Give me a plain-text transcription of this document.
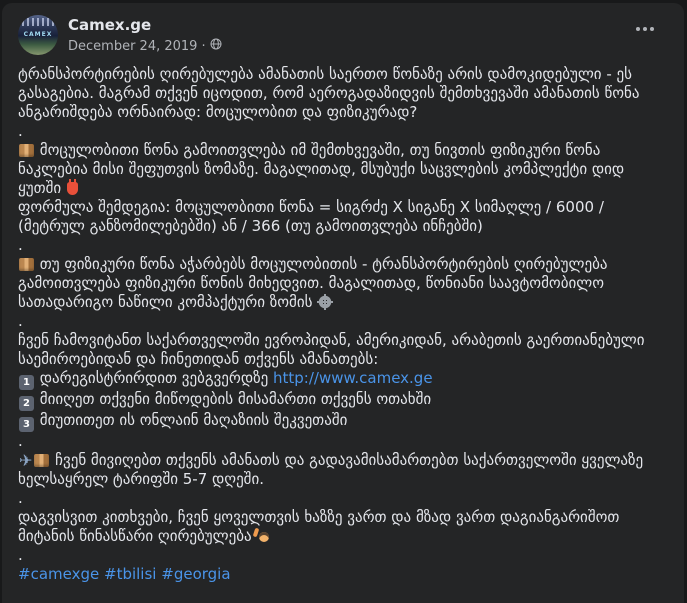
CAMEX
Camex.ge
December 24, 2019 ·
ტრანსპორტირების ღირებულება ამანათის საერთო წონაზე არის დამოკიდებული - ეს გასაგებია. მაგრამ თქვენ იცოდით, რომ აეროგადაზიდვის შემთხვევაში ამანათის წონა ანგარიშდება ორნაირად: მოცულობით და ფიზიკურად?
.
მოცულობითი წონა გამოითვლება იმ შემთხვევაში, თუ ნივთის ფიზიკური წონა ნაკლებია მისი შეფუთვის ზომაზე. მაგალითად, მსუბუქი საცვლების კომპლექტი დიდ ყუთში
ფორმულა შემდეგია: მოცულობითი წონა = სიგრძე X სიგანე X სიმაღლე / 6000 / (მეტრულ განზომილებებში) ან / 366 (თუ გამოითვლება ინჩებში)
.
თუ ფიზიკური წონა აჭარბებს მოცულობითის - ტრანსპორტირების ღირებულება გამოითვლება ფიზიკური წონის მიხედვით. მაგალითად, წონიანი საავტომობილო სათადარიგო ნაწილი კომპაქტური ზომის
.
ჩვენ ჩამოვიტანთ საქართველოში ევროპიდან, ამერიკიდან, არაბეთის გაერთიანებული საემიროებიდან და ჩინეთიდან თქვენს ამანათებს:
1 დარეგისტრირდით ვებგვერდზე http://www.camex.ge
2 მიიღეთ თქვენი მიწოდების მისამართი თქვენს ოთახში
3 მიუთითეთ ის ონლაინ მაღაზიის შეკვეთაში
.
✈ ჩვენ მივიღებთ თქვენს ამანათს და გადავამისამართებთ საქართველოში ყველაზე ხელსაყრელ ტარიფში 5-7 დღეში.
.
დაგვისვით კითხვები, ჩვენ ყოველთვის ხაზზე ვართ და მზად ვართ დაგიანგარიშოთ მიტანის წინასწარი ღირებულება
.
#camexge #tbilisi #georgia
